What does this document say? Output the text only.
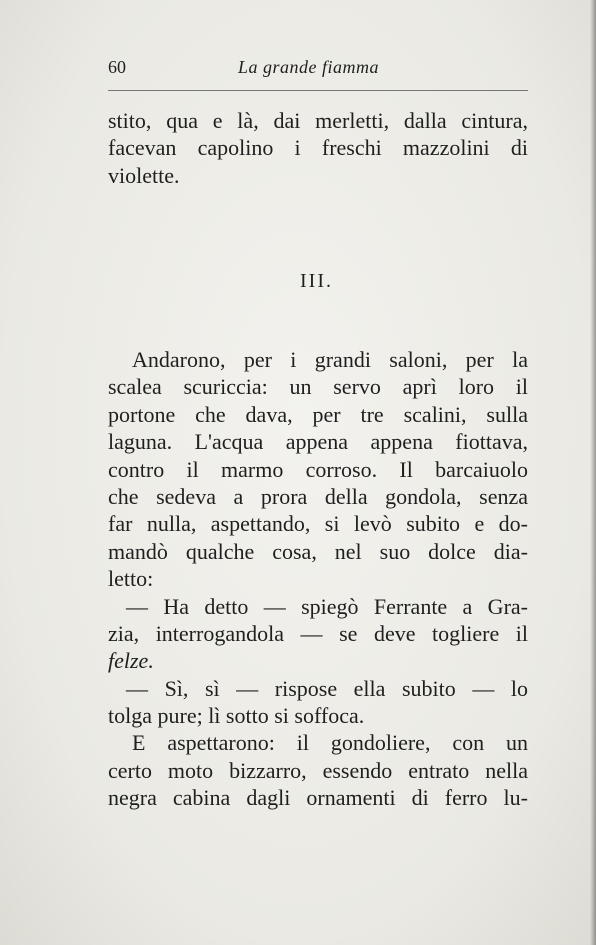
60	La grande fiamma
stito, qua e là, dai merletti, dalla cintura,
facevan capolino i freschi mazzolini di
violette.
III.
Andarono, per i grandi saloni, per la
scalea scuriccia: un servo aprì loro il
portone che dava, per tre scalini, sulla
laguna. L'acqua appena appena fiottava,
contro il marmo corroso. Il barcaiuolo
che sedeva a prora della gondola, senza
far nulla, aspettando, si levò subito e do-
mandò qualche cosa, nel suo dolce dia-
letto:
— Ha detto — spiegò Ferrante a Gra-
zia, interrogandola — se deve togliere il
felze.
— Sì, sì — rispose ella subito — lo
tolga pure; lì sotto si soffoca.
E aspettarono: il gondoliere, con un
certo moto bizzarro, essendo entrato nella
negra cabina dagli ornamenti di ferro lu-
